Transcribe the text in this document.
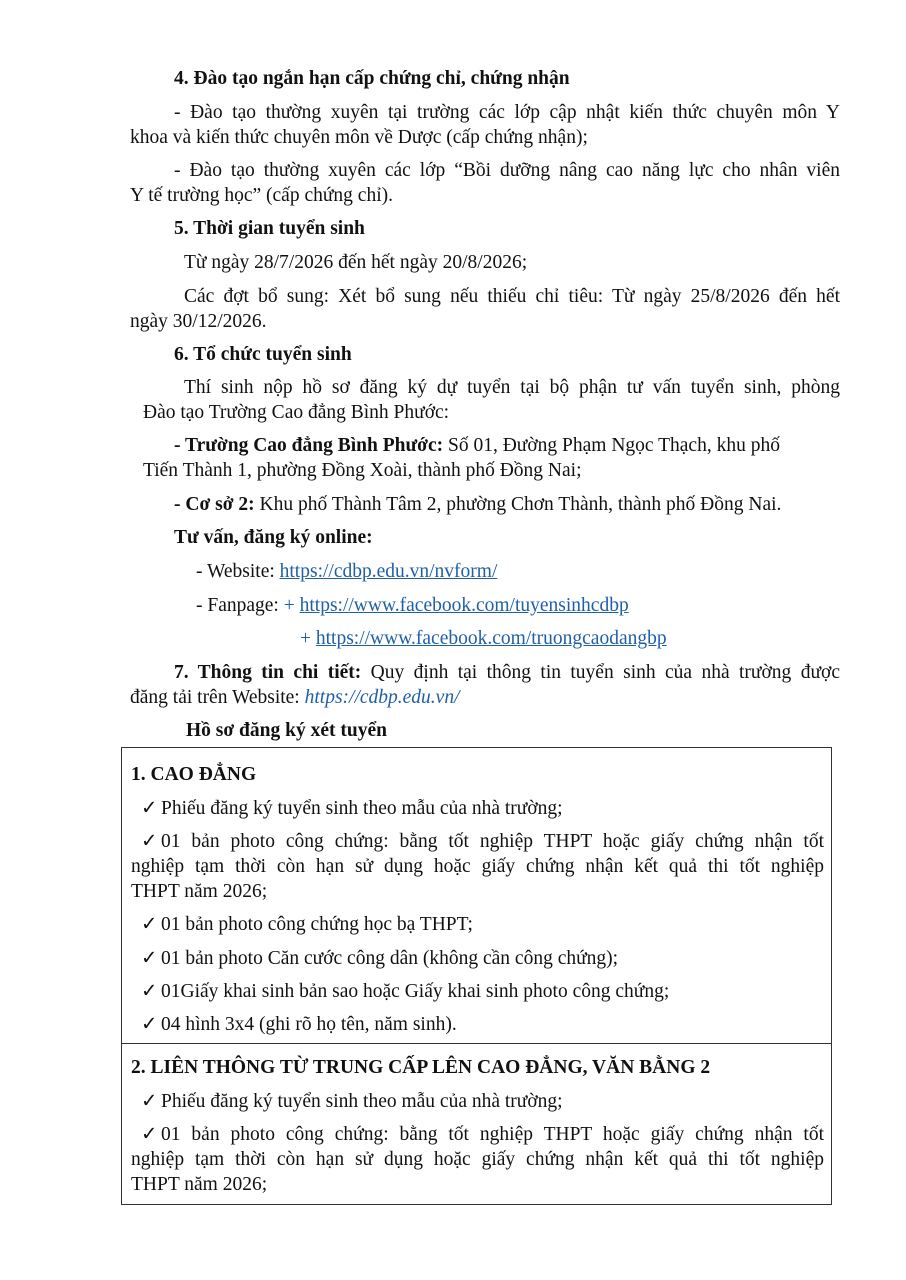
4. Đào tạo ngắn hạn cấp chứng chỉ, chứng nhận
- Đào tạo thường xuyên tại trường các lớp cập nhật kiến thức chuyên môn Y
khoa và kiến thức chuyên môn về Dược (cấp chứng nhận);
- Đào tạo thường xuyên các lớp “Bồi dưỡng nâng cao năng lực cho nhân viên
Y tế trường học” (cấp chứng chỉ).
5. Thời gian tuyển sinh
Từ ngày 28/7/2026 đến hết ngày 20/8/2026;
Các đợt bổ sung: Xét bổ sung nếu thiếu chỉ tiêu: Từ ngày 25/8/2026 đến hết
ngày 30/12/2026.
6. Tổ chức tuyển sinh
Thí sinh nộp hồ sơ đăng ký dự tuyển tại bộ phận tư vấn tuyển sinh, phòng
Đào tạo Trường Cao đẳng Bình Phước:
- Trường Cao đẳng Bình Phước: Số 01, Đường Phạm Ngọc Thạch, khu phố
Tiến Thành 1, phường Đồng Xoài, thành phố Đồng Nai;
- Cơ sở 2: Khu phố Thành Tâm 2, phường Chơn Thành, thành phố Đồng Nai.
Tư vấn, đăng ký online:
- Website: https://cdbp.edu.vn/nvform/
- Fanpage: + https://www.facebook.com/tuyensinhcdbp
+ https://www.facebook.com/truongcaodangbp
7. Thông tin chi tiết: Quy định tại thông tin tuyển sinh của nhà trường được
đăng tải trên Website: https://cdbp.edu.vn/
Hồ sơ đăng ký xét tuyển
1. CAO ĐẲNG
✓ Phiếu đăng ký tuyển sinh theo mẫu của nhà trường;
✓ 01 bản photo công chứng: bằng tốt nghiệp THPT hoặc giấy chứng nhận tốt
nghiệp tạm thời còn hạn sử dụng hoặc giấy chứng nhận kết quả thi tốt nghiệp
THPT năm 2026;
✓ 01 bản photo công chứng học bạ THPT;
✓ 01 bản photo Căn cước công dân (không cần công chứng);
✓ 01Giấy khai sinh bản sao hoặc Giấy khai sinh photo công chứng;
✓ 04 hình 3x4 (ghi rõ họ tên, năm sinh).
2. LIÊN THÔNG TỪ TRUNG CẤP LÊN CAO ĐẲNG, VĂN BẰNG 2
✓ Phiếu đăng ký tuyển sinh theo mẫu của nhà trường;
✓ 01 bản photo công chứng: bằng tốt nghiệp THPT hoặc giấy chứng nhận tốt
nghiệp tạm thời còn hạn sử dụng hoặc giấy chứng nhận kết quả thi tốt nghiệp
THPT năm 2026;
